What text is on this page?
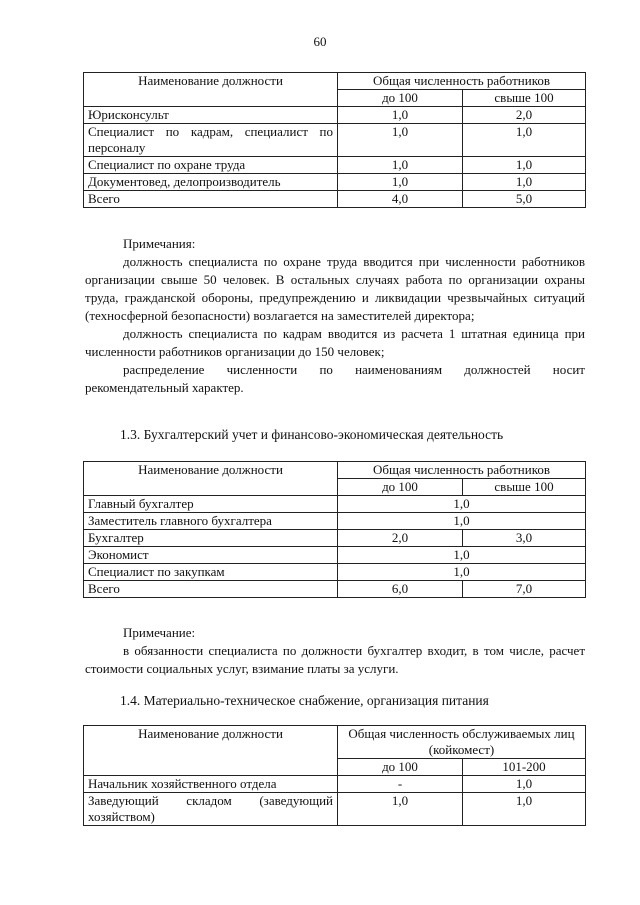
60
Наименование должности	Общая численность работников	
	до 100	свыше 100
Юрисконсульт	1,0	2,0
Специалист по кадрам, специалист по персоналу	1,0	1,0
Специалист по охране труда	1,0	1,0
Документовед, делопроизводитель	1,0	1,0
Всего	4,0	5,0
Примечания:
должность специалиста по охране труда вводится при численности работников организации свыше 50 человек. В остальных случаях работа по организации охраны труда, гражданской обороны, предупреждению и ликвидации чрезвычайных ситуаций (техносферной безопасности) возлагается на заместителей директора;
должность специалиста по кадрам вводится из расчета 1 штатная единица при численности работников организации до 150 человек;
распределение численности по наименованиям должностей носит рекомендательный характер.
1.3. Бухгалтерский учет и финансово-экономическая деятельность
Наименование должности	Общая численность работников	
	до 100	свыше 100
Главный бухгалтер	1,0	
Заместитель главного бухгалтера	1,0	
Бухгалтер	2,0	3,0
Экономист	1,0	
Специалист по закупкам	1,0	
Всего	6,0	7,0
Примечание:
в обязанности специалиста по должности бухгалтер входит, в том числе, расчет стоимости социальных услуг, взимание платы за услуги.
1.4. Материально-техническое снабжение, организация питания
Наименование должности	Общая численность обслуживаемых лиц (койкомест)	
	до 100	101-200
Начальник хозяйственного отдела	-	1,0
Заведующий складом (заведующий хозяйством)	1,0	1,0
